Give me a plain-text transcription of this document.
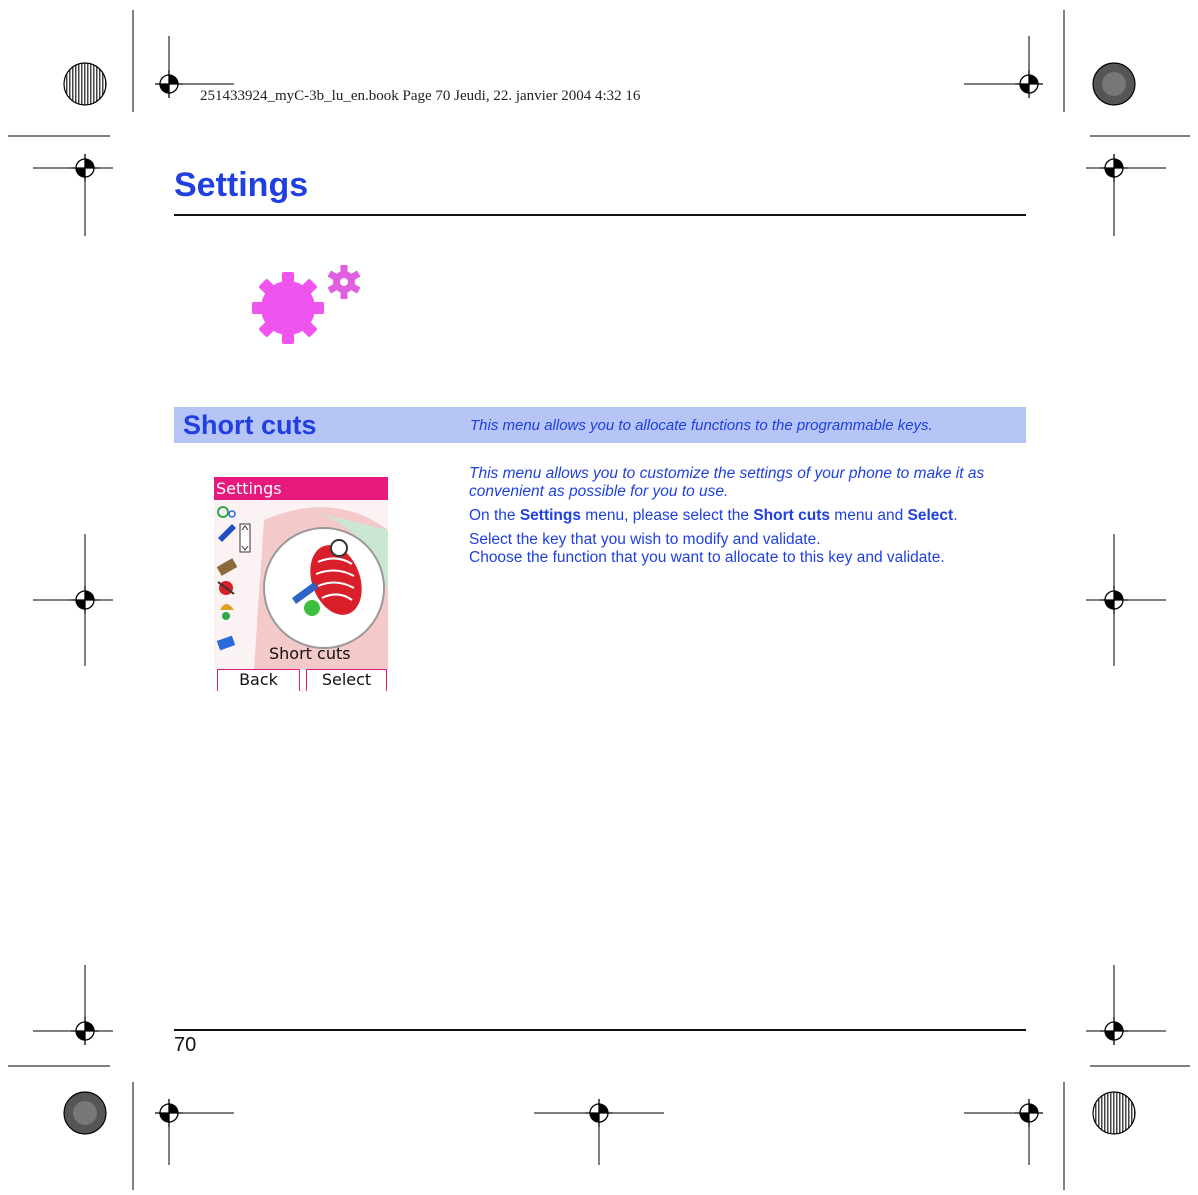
251433924_myC-3b_lu_en.book Page 70 Jeudi, 22. janvier 2004 4:32 16
Settings
Short cuts	This menu allows you to allocate functions to the programmable keys.
Settings
Short cuts
Back	Select

This menu allows you to customize the settings of your phone to make it as convenient as possible for you to use.

On the Settings menu, please select the Short cuts menu and Select.

Select the key that you wish to modify and validate.
Choose the function that you want to allocate to this key and validate.

70
